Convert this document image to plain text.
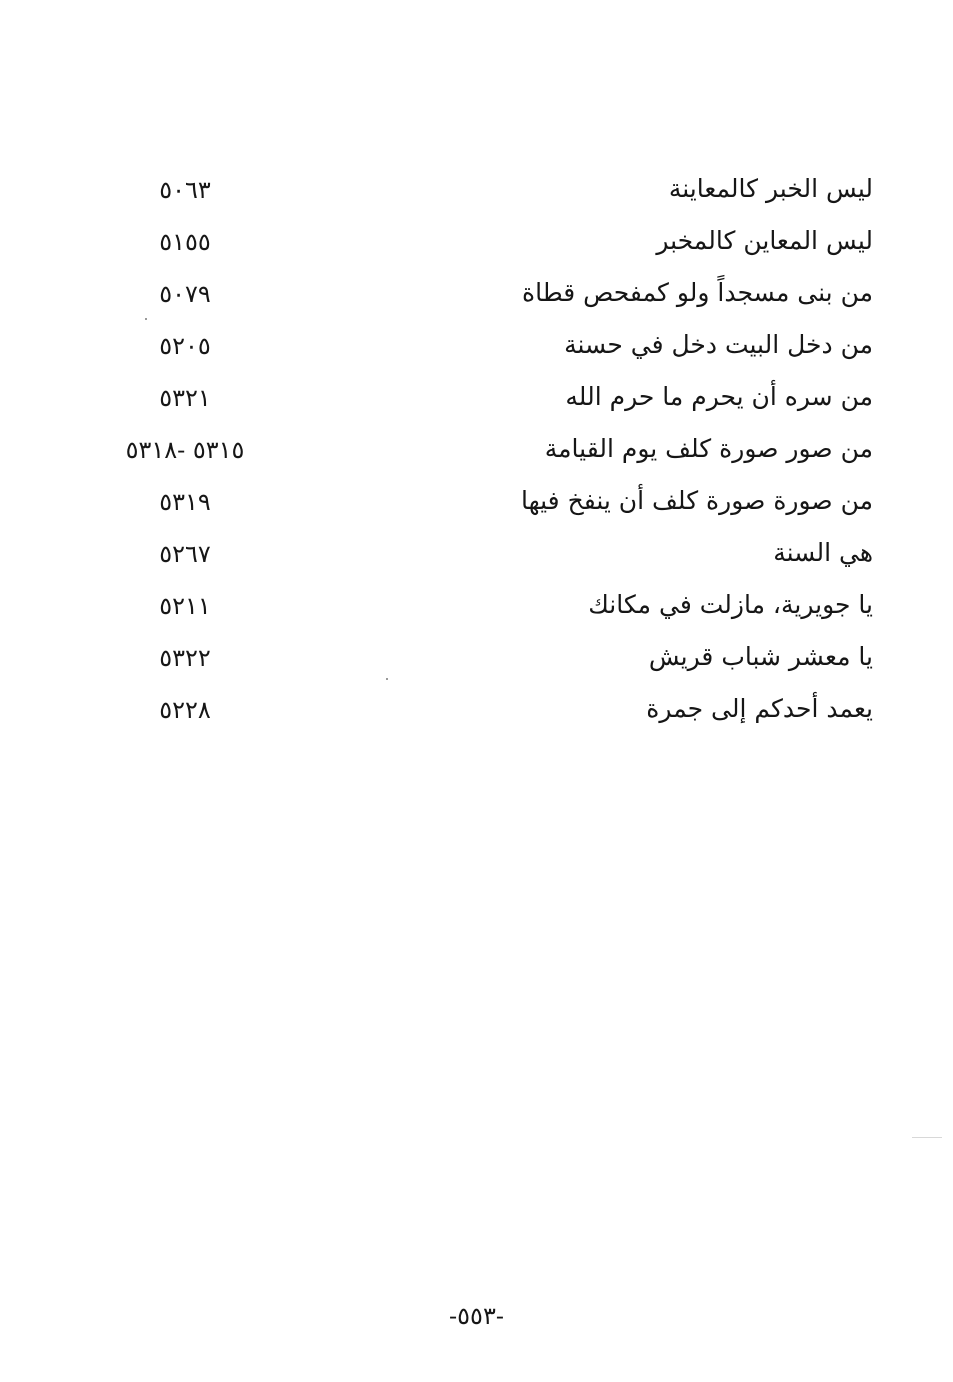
ليس الخبر كالمعاينة
٥٠٦٣
ليس المعاين كالمخبر
٥١٥٥
من بنى مسجداً ولو كمفحص قطاة
٥٠٧٩
من دخل البيت دخل في حسنة
٥٢٠٥
من سره أن يحرم ما حرم الله
٥٣٢١
من صور صورة كلف يوم القيامة
٥٣١٥ -٥٣١٨
من صورة صورة كلف أن ينفخ فيها
٥٣١٩
هي السنة
٥٢٦٧
يا جويرية، مازلت في مكانك
٥٢١١
يا معشر شباب قريش
٥٣٢٢
يعمد أحدكم إلى جمرة
٥٢٢٨
-٥٥٣-
